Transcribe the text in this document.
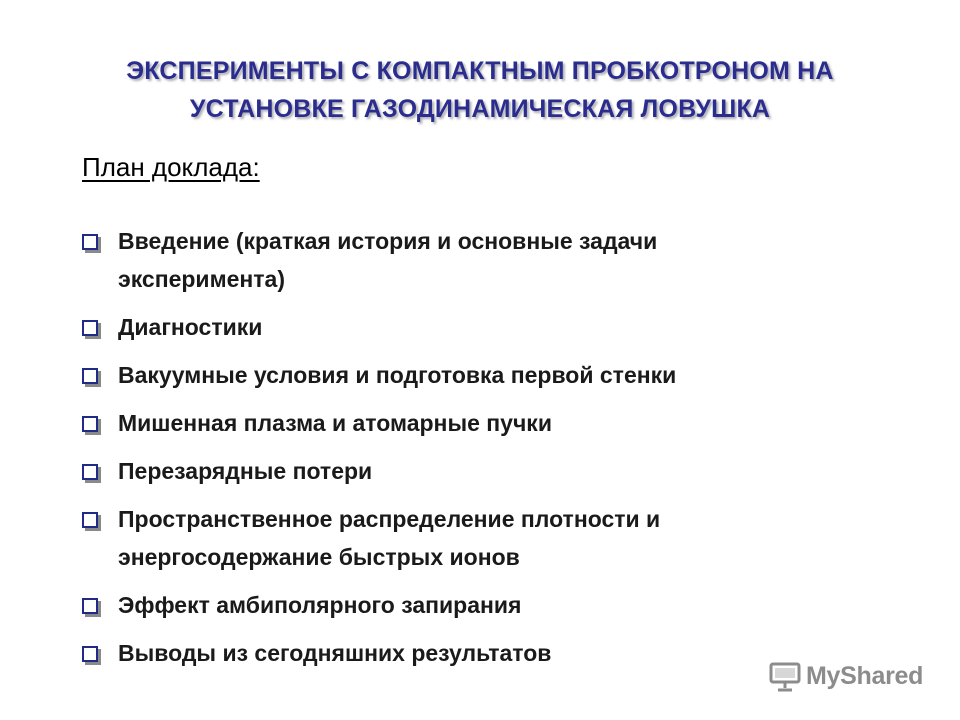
ЭКСПЕРИМЕНТЫ С КОМПАКТНЫМ ПРОБКОТРОНОМ НА
УСТАНОВКЕ ГАЗОДИНАМИЧЕСКАЯ ЛОВУШКА
План доклада:
Введение (краткая история и основные задачи
эксперимента)
Диагностики
Вакуумные условия и подготовка первой стенки
Мишенная плазма и атомарные пучки
Перезарядные потери
Пространственное распределение плотности и
энергосодержание быстрых ионов
Эффект амбиполярного запирания
Выводы из сегодняшних результатов
MyShared
